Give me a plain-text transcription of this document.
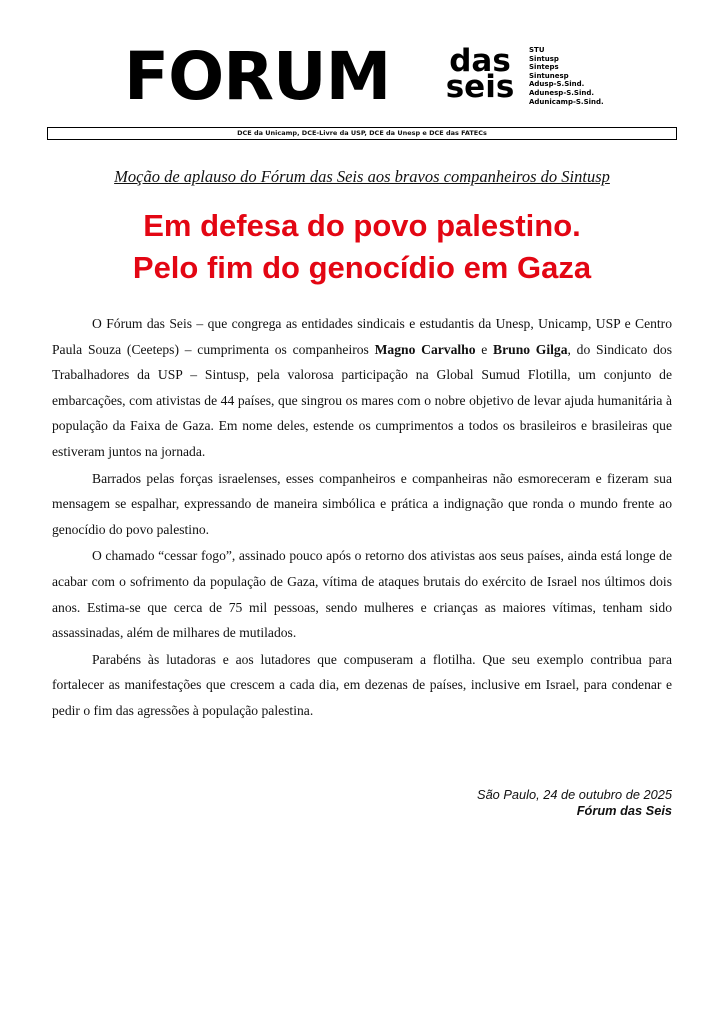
FORUM das
seis
STU
Sintusp
Sinteps
Sintunesp
Adusp-S.Sind.
Adunesp-S.Sind.
Adunicamp-S.Sind.
DCE da Unicamp, DCE-Livre da USP, DCE da Unesp e DCE das FATECs
Moção de aplauso do Fórum das Seis aos bravos companheiros do Sintusp
Em defesa do povo palestino.
Pelo fim do genocídio em Gaza

O Fórum das Seis – que congrega as entidades sindicais e estudantis da Unesp, Unicamp, USP e Centro Paula Souza (Ceeteps) – cumprimenta os companheiros Magno Carvalho e Bruno Gilga, do Sindicato dos Trabalhadores da USP – Sintusp, pela valorosa participação na Global Sumud Flotilla, um conjunto de embarcações, com ativistas de 44 países, que singrou os mares com o nobre objetivo de levar ajuda humanitária à população da Faixa de Gaza. Em nome deles, estende os cumprimentos a todos os brasileiros e brasileiras que estiveram juntos na jornada.

Barrados pelas forças israelenses, esses companheiros e companheiras não esmoreceram e fizeram sua mensagem se espalhar, expressando de maneira simbólica e prática a indignação que ronda o mundo frente ao genocídio do povo palestino.

O chamado “cessar fogo”, assinado pouco após o retorno dos ativistas aos seus países, ainda está longe de acabar com o sofrimento da população de Gaza, vítima de ataques brutais do exército de Israel nos últimos dois anos. Estima-se que cerca de 75 mil pessoas, sendo mulheres e crianças as maiores vítimas, tenham sido assassinadas, além de milhares de mutilados.

Parabéns às lutadoras e aos lutadores que compuseram a flotilha. Que seu exemplo contribua para fortalecer as manifestações que crescem a cada dia, em dezenas de países, inclusive em Israel, para condenar e pedir o fim das agressões à população palestina.

São Paulo, 24 de outubro de 2025
Fórum das Seis
